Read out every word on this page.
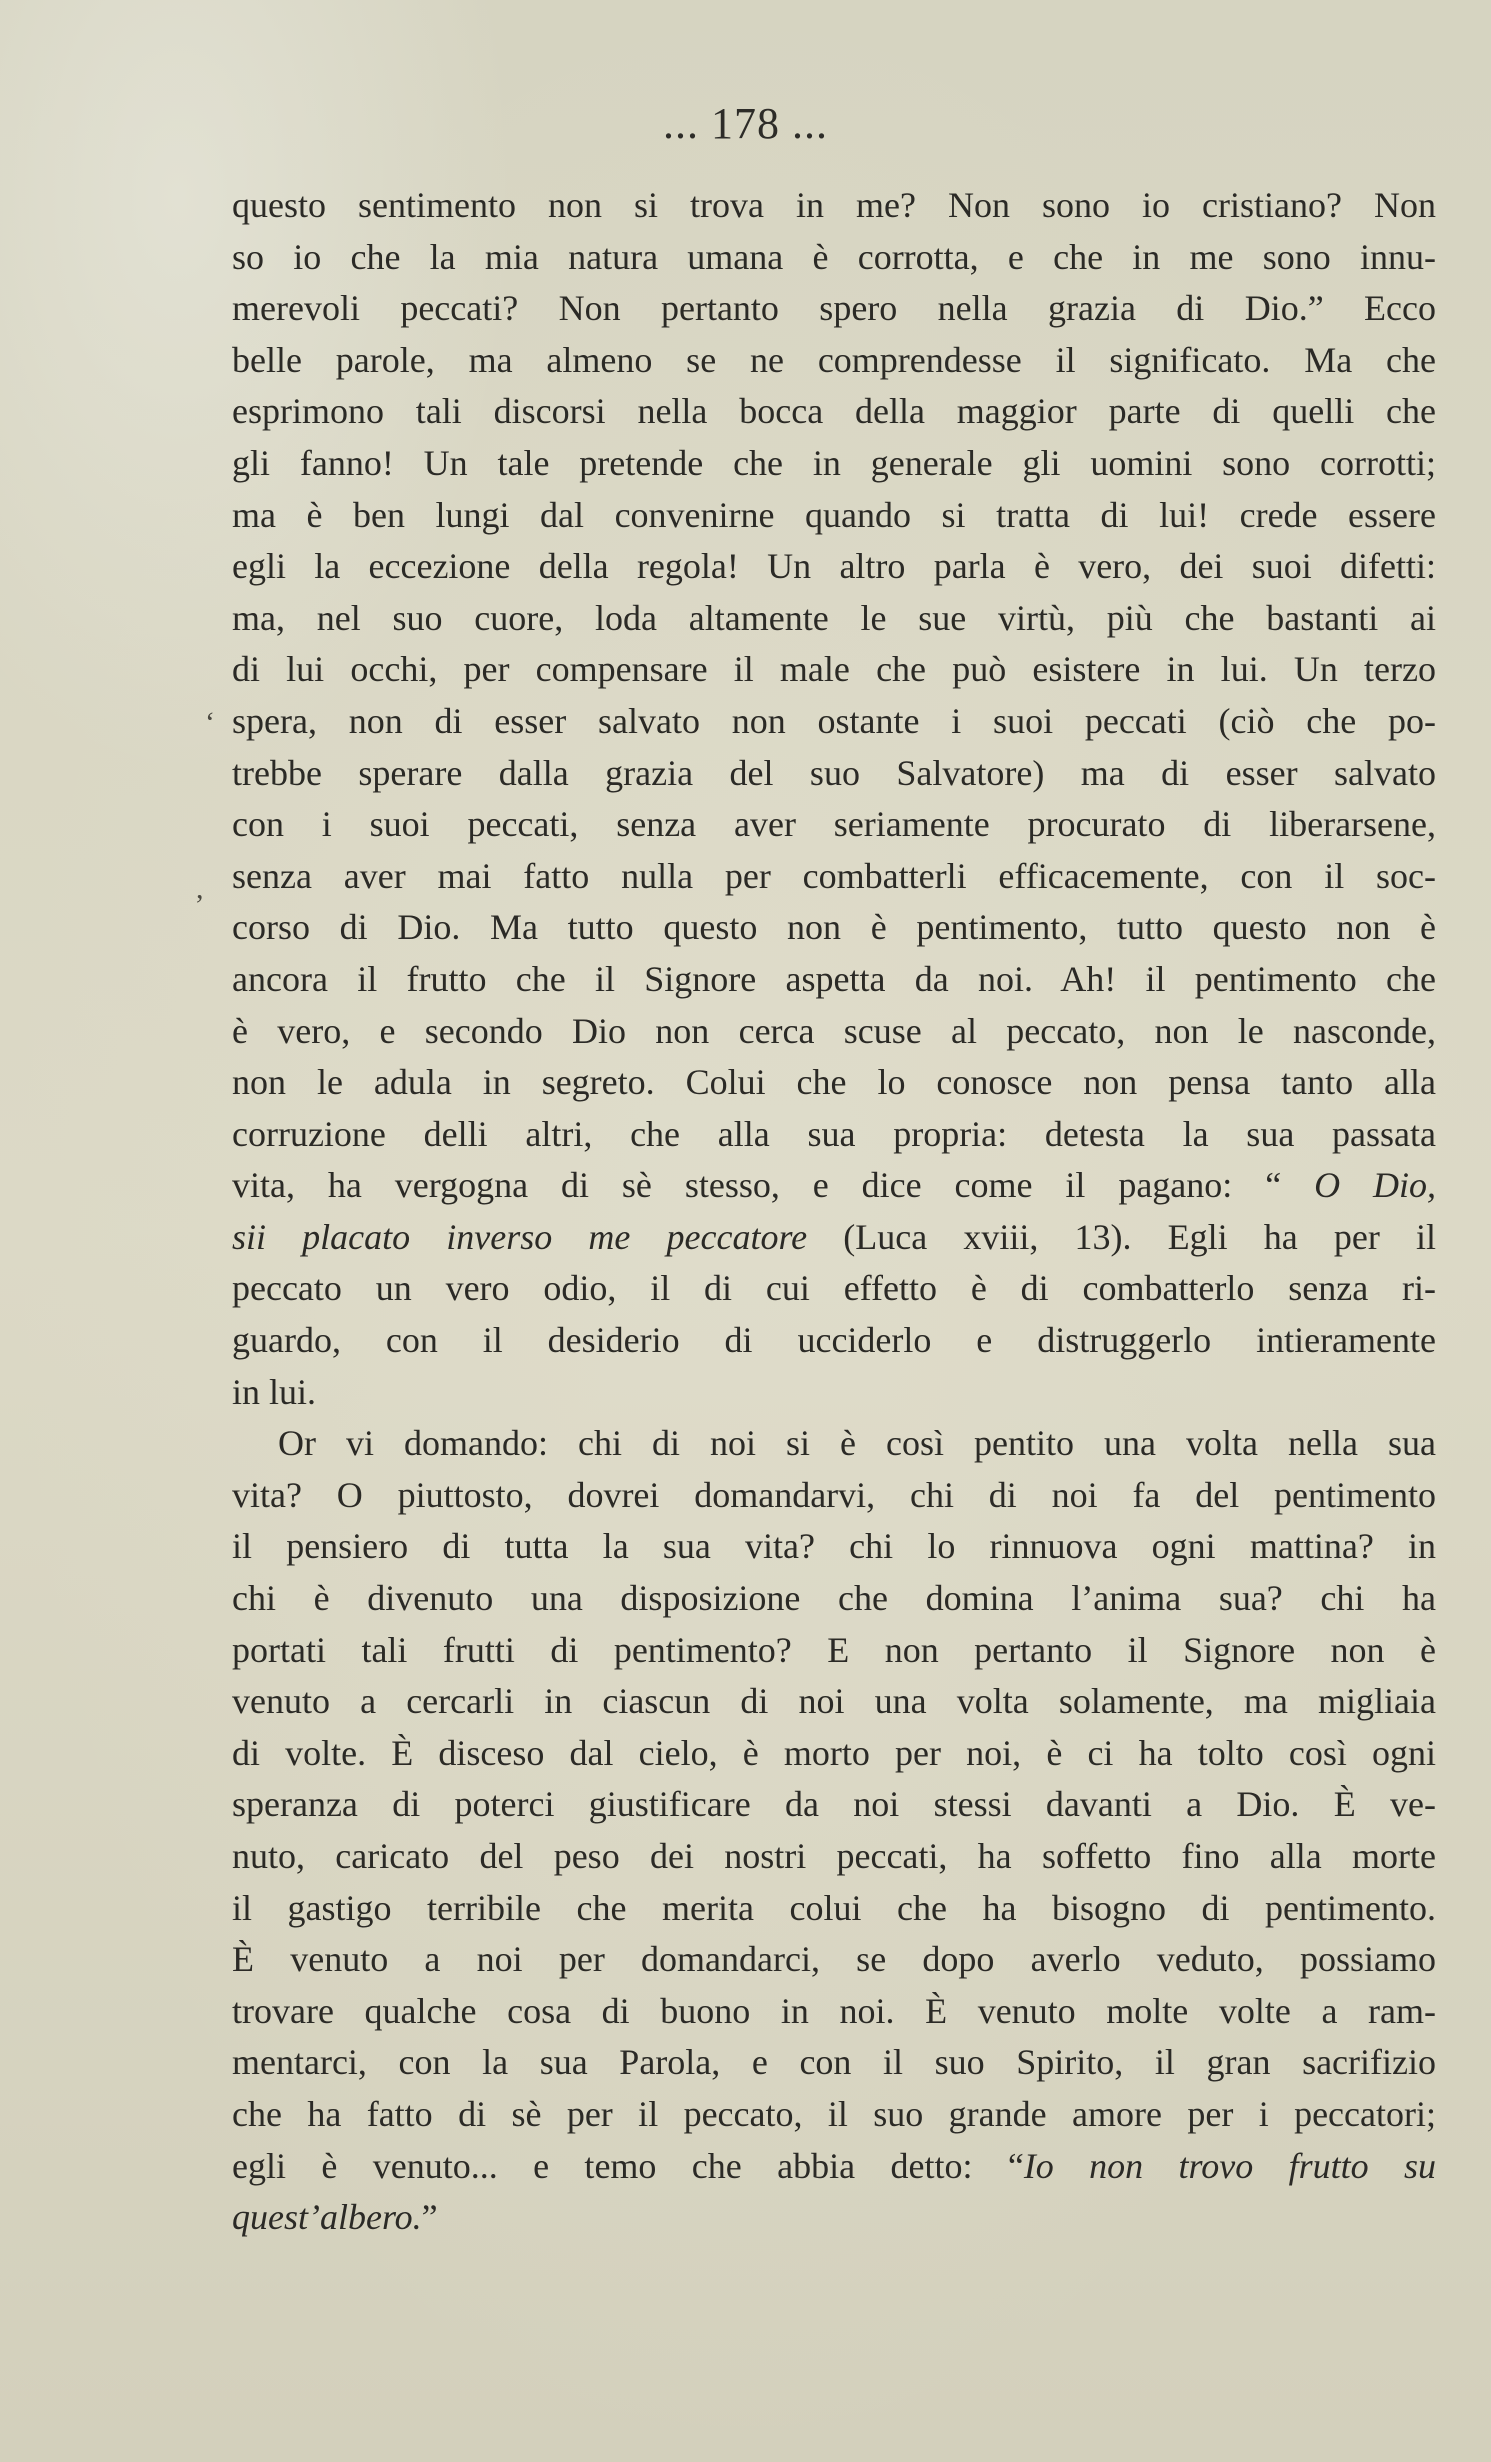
... 178 ...
‘
,
questo sentimento non si trova in me? Non sono io cristiano? Non
so io che la mia natura umana è corrotta, e che in me sono innu-
merevoli peccati? Non pertanto spero nella grazia di Dio.” Ecco
belle parole, ma almeno se ne comprendesse il significato. Ma che
esprimono tali discorsi nella bocca della maggior parte di quelli che
gli fanno! Un tale pretende che in generale gli uomini sono corrotti;
ma è ben lungi dal convenirne quando si tratta di lui! crede essere
egli la eccezione della regola! Un altro parla è vero, dei suoi difetti:
ma, nel suo cuore, loda altamente le sue virtù, più che bastanti ai
di lui occhi, per compensare il male che può esistere in lui. Un terzo
spera, non di esser salvato non ostante i suoi peccati (ciò che po-
trebbe sperare dalla grazia del suo Salvatore) ma di esser salvato
con i suoi peccati, senza aver seriamente procurato di liberarsene,
senza aver mai fatto nulla per combatterli efficacemente, con il soc-
corso di Dio. Ma tutto questo non è pentimento, tutto questo non è
ancora il frutto che il Signore aspetta da noi. Ah! il pentimento che
è vero, e secondo Dio non cerca scuse al peccato, non le nasconde,
non le adula in segreto. Colui che lo conosce non pensa tanto alla
corruzione delli altri, che alla sua propria: detesta la sua passata
vita, ha vergogna di sè stesso, e dice come il pagano: “ O Dio,
sii placato inverso me peccatore (Luca xviii, 13). Egli ha per il
peccato un vero odio, il di cui effetto è di combatterlo senza ri-
guardo, con il desiderio di ucciderlo e distruggerlo intieramente
in lui.
Or vi domando: chi di noi si è così pentito una volta nella sua
vita? O piuttosto, dovrei domandarvi, chi di noi fa del pentimento
il pensiero di tutta la sua vita? chi lo rinnuova ogni mattina? in
chi è divenuto una disposizione che domina l’anima sua? chi ha
portati tali frutti di pentimento? E non pertanto il Signore non è
venuto a cercarli in ciascun di noi una volta solamente, ma migliaia
di volte. È disceso dal cielo, è morto per noi, è ci ha tolto così ogni
speranza di poterci giustificare da noi stessi davanti a Dio. È ve-
nuto, caricato del peso dei nostri peccati, ha soffetto fino alla morte
il gastigo terribile che merita colui che ha bisogno di pentimento.
È venuto a noi per domandarci, se dopo averlo veduto, possiamo
trovare qualche cosa di buono in noi. È venuto molte volte a ram-
mentarci, con la sua Parola, e con il suo Spirito, il gran sacrifizio
che ha fatto di sè per il peccato, il suo grande amore per i peccatori;
egli è venuto... e temo che abbia detto: “Io non trovo frutto su
quest’albero.”
